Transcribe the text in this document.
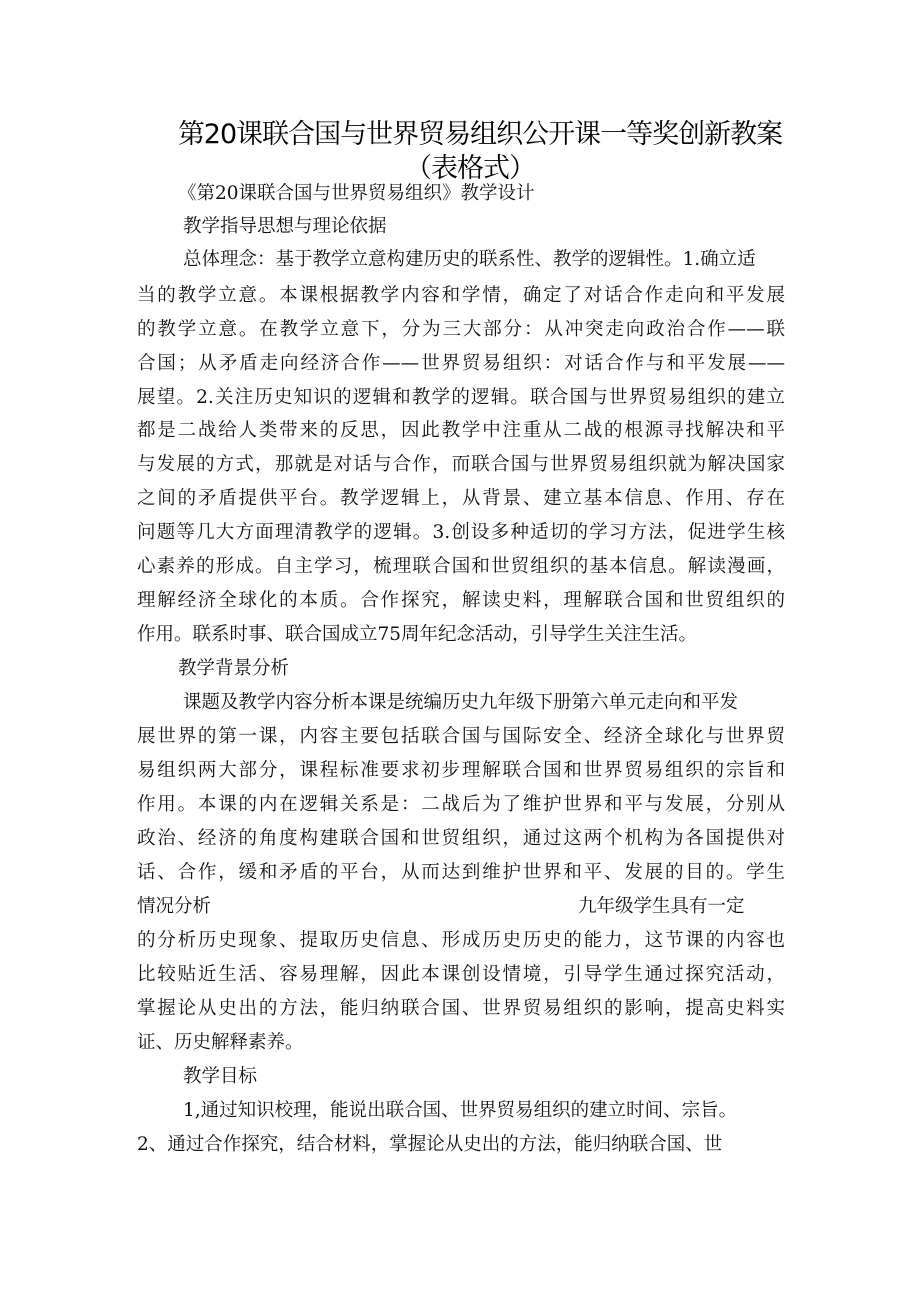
第20课联合国与世界贸易组织公开课一等奖创新教案
（表格式）
《第20课联合国与世界贸易组织》教学设计
教学指导思想与理论依据
总体理念：基于教学立意构建历史的联系性、教学的逻辑性。1.确立适
当的教学立意。本课根据教学内容和学情，确定了对话合作走向和平发展
的教学立意。在教学立意下，分为三大部分：从冲突走向政治合作——联
合国；从矛盾走向经济合作——世界贸易组织：对话合作与和平发展——
展望。2.关注历史知识的逻辑和教学的逻辑。联合国与世界贸易组织的建立
都是二战给人类带来的反思，因此教学中注重从二战的根源寻找解决和平
与发展的方式，那就是对话与合作，而联合国与世界贸易组织就为解决国家
之间的矛盾提供平台。教学逻辑上，从背景、建立基本信息、作用、存在
问题等几大方面理清教学的逻辑。3.创设多种适切的学习方法，促进学生核
心素养的形成。自主学习，梳理联合国和世贸组织的基本信息。解读漫画，
理解经济全球化的本质。合作探究，解读史料，理解联合国和世贸组织的
作用。联系时事、联合国成立75周年纪念活动，引导学生关注生活。
教学背景分析
课题及教学内容分析本课是统编历史九年级下册第六单元走向和平发
展世界的第一课，内容主要包括联合国与国际安全、经济全球化与世界贸
易组织两大部分，课程标准要求初步理解联合国和世界贸易组织的宗旨和
作用。本课的内在逻辑关系是：二战后为了维护世界和平与发展，分别从
政治、经济的角度构建联合国和世贸组织，通过这两个机构为各国提供对
话、合作，缓和矛盾的平台，从而达到维护世界和平、发展的目的。学生
情况分析	九年级学生具有一定
的分析历史现象、提取历史信息、形成历史历史的能力，这节课的内容也
比较贴近生活、容易理解，因此本课创设情境，引导学生通过探究活动，
掌握论从史出的方法，能归纳联合国、世界贸易组织的影响，提高史料实
证、历史解释素养。
教学目标
1,通过知识校理，能说出联合国、世界贸易组织的建立时间、宗旨。
2、通过合作探究，结合材料，掌握论从史出的方法，能归纳联合国、世
